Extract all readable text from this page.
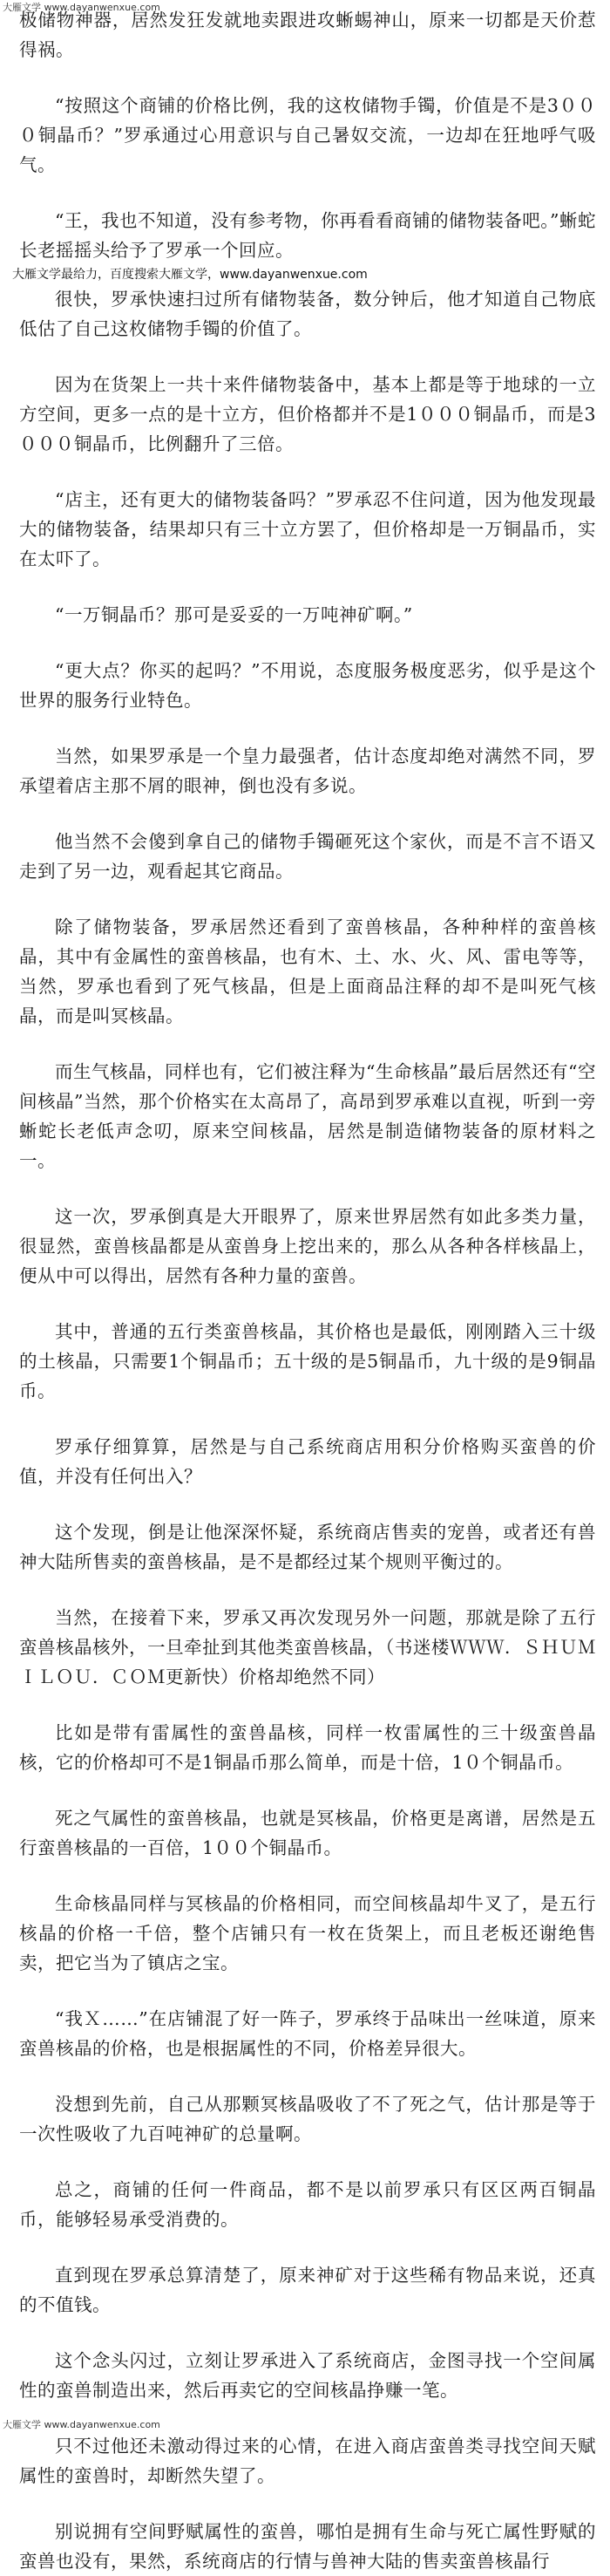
大雁文学 www.dayanwenxue.com

极储物神器，居然发狂发就地卖跟进攻蜥蜴神山，原来一切都是天价惹得祸。

“按照这个商铺的价格比例，我的这枚储物手镯，价值是不是3０００铜晶币？”罗承通过心用意识与自己暑奴交流，一边却在狂地呼气吸气。

“王，我也不知道，没有参考物，你再看看商铺的储物装备吧。”蜥蛇长老摇摇头给予了罗承一个回应。

大雁文学最给力，百度搜索大雁文学，www.dayanwenxue.com

很快，罗承快速扫过所有储物装备，数分钟后，他才知道自己物底低估了自己这枚储物手镯的价值了。

因为在货架上一共十来件储物装备中，基本上都是等于地球的一立方空间，更多一点的是十立方，但价格都并不是1０００铜晶币，而是3０００铜晶币，比例翻升了三倍。

“店主，还有更大的储物装备吗？”罗承忍不住问道，因为他发现最大的储物装备，结果却只有三十立方罢了，但价格却是一万铜晶币，实在太吓了。

“一万铜晶币？那可是妥妥的一万吨神矿啊。”

“更大点？你买的起吗？”不用说，态度服务极度恶劣，似乎是这个世界的服务行业特色。

当然，如果罗承是一个皇力最强者，估计态度却绝对满然不同，罗承望着店主那不屑的眼神，倒也没有多说。

他当然不会傻到拿自己的储物手镯砸死这个家伙，而是不言不语又走到了另一边，观看起其它商品。

除了储物装备，罗承居然还看到了蛮兽核晶，各种种样的蛮兽核晶，其中有金属性的蛮兽核晶，也有木、土、水、火、风、雷电等等，当然，罗承也看到了死气核晶，但是上面商品注释的却不是叫死气核晶，而是叫冥核晶。

而生气核晶，同样也有，它们被注释为“生命核晶”最后居然还有“空间核晶”当然，那个价格实在太高昂了，高昂到罗承难以直视，听到一旁蜥蛇长老低声念叨，原来空间核晶，居然是制造储物装备的原材料之一。

这一次，罗承倒真是大开眼界了，原来世界居然有如此多类力量，很显然，蛮兽核晶都是从蛮兽身上挖出来的，那么从各种各样核晶上，便从中可以得出，居然有各种力量的蛮兽。

其中，普通的五行类蛮兽核晶，其价格也是最低，刚刚踏入三十级的土核晶，只需要1个铜晶币；五十级的是5铜晶币，九十级的是9铜晶币。

罗承仔细算算，居然是与自己系统商店用积分价格购买蛮兽的价值，并没有任何出入？

这个发现，倒是让他深深怀疑，系统商店售卖的宠兽，或者还有兽神大陆所售卖的蛮兽核晶，是不是都经过某个规则平衡过的。

当然，在接着下来，罗承又再次发现另外一问题，那就是除了五行蛮兽核晶核外，一旦牵扯到其他类蛮兽核晶，（书迷楼ＷＷＷ．ＳＨＵＭＩＬＯＵ．ＣＯＭ更新快）价格却绝然不同）

比如是带有雷属性的蛮兽晶核，同样一枚雷属性的三十级蛮兽晶核，它的价格却可不是1铜晶币那么简单，而是十倍，1０个铜晶币。

死之气属性的蛮兽核晶，也就是冥核晶，价格更是离谱，居然是五行蛮兽核晶的一百倍，1００个铜晶币。

生命核晶同样与冥核晶的价格相同，而空间核晶却牛叉了，是五行核晶的价格一千倍，整个店铺只有一枚在货架上，而且老板还谢绝售卖，把它当为了镇店之宝。

“我Ｘ……”在店铺混了好一阵子，罗承终于品味出一丝味道，原来蛮兽核晶的价格，也是根据属性的不同，价格差异很大。

没想到先前，自己从那颗冥核晶吸收了不了死之气，估计那是等于一次性吸收了九百吨神矿的总量啊。

总之，商铺的任何一件商品，都不是以前罗承只有区区两百铜晶币，能够轻易承受消费的。

直到现在罗承总算清楚了，原来神矿对于这些稀有物品来说，还真的不值钱。

这个念头闪过，立刻让罗承进入了系统商店，金图寻找一个空间属性的蛮兽制造出来，然后再卖它的空间核晶挣赚一笔。

只不过他还未激动得过来的心情，在进入商店蛮兽类寻找空间天赋属性的蛮兽时，却断然失望了。

别说拥有空间野赋属性的蛮兽，哪怕是拥有生命与死亡属性野赋的蛮兽也没有，果然，系统商店的行情与兽神大陆的售卖蛮兽核晶行

大雁文学 www.dayanwenxue.com
